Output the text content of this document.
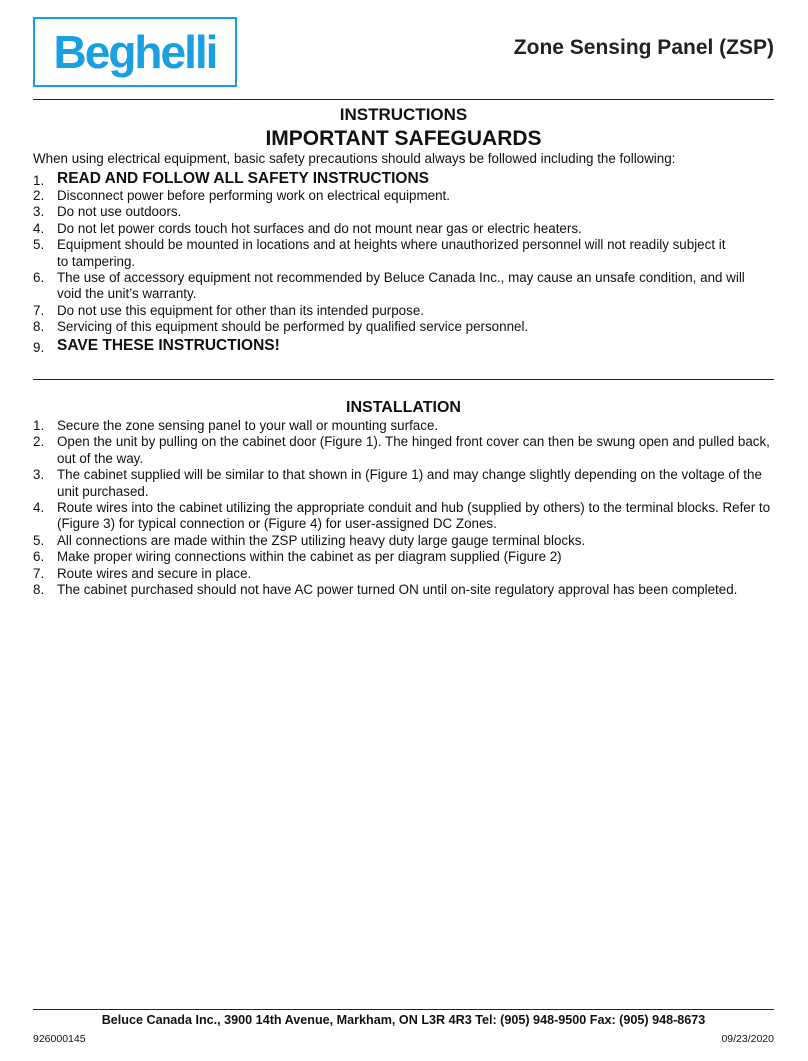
Beghelli	Zone Sensing Panel (ZSP)
INSTRUCTIONS
IMPORTANT SAFEGUARDS
When using electrical equipment, basic safety precautions should always be followed including the following:
1. READ AND FOLLOW ALL SAFETY INSTRUCTIONS
2. Disconnect power before performing work on electrical equipment.
3. Do not use outdoors.
4. Do not let power cords touch hot surfaces and do not mount near gas or electric heaters.
5. Equipment should be mounted in locations and at heights where unauthorized personnel will not readily subject it to tampering.
6. The use of accessory equipment not recommended by Beluce Canada Inc., may cause an unsafe condition, and will void the unit’s warranty.
7. Do not use this equipment for other than its intended purpose.
8. Servicing of this equipment should be performed by qualified service personnel.
9. SAVE THESE INSTRUCTIONS!
INSTALLATION
1. Secure the zone sensing panel to your wall or mounting surface.
2. Open the unit by pulling on the cabinet door (Figure 1). The hinged front cover can then be swung open and pulled back, out of the way.
3. The cabinet supplied will be similar to that shown in (Figure 1) and may change slightly depending on the voltage of the unit purchased.
4. Route wires into the cabinet utilizing the appropriate conduit and hub (supplied by others) to the terminal blocks. Refer to (Figure 3) for typical connection or (Figure 4) for user-assigned DC Zones.
5. All connections are made within the ZSP utilizing heavy duty large gauge terminal blocks.
6. Make proper wiring connections within the cabinet as per diagram supplied (Figure 2)
7. Route wires and secure in place.
8. The cabinet purchased should not have AC power turned ON until on-site regulatory approval has been completed.
Beluce Canada Inc., 3900 14th Avenue, Markham, ON L3R 4R3 Tel: (905) 948-9500 Fax: (905) 948-8673
926000145	09/23/2020
